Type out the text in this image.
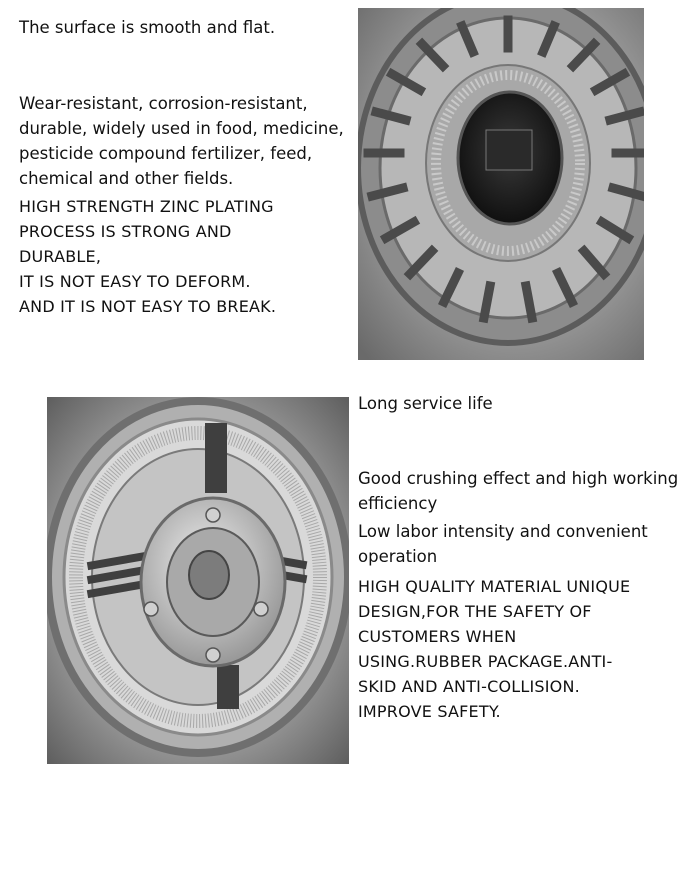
The surface is smooth and flat.

Wear-resistant, corrosion-resistant,
durable, widely used in food, medicine,
pesticide compound fertilizer, feed,
chemical and other fields.

HIGH STRENGTH ZINC PLATING
PROCESS IS STRONG AND
DURABLE,
IT IS NOT EASY TO DEFORM.
AND IT IS NOT EASY TO BREAK.

Long service life

Good crushing effect and high working
efficiency

Low labor intensity and convenient
operation

HIGH QUALITY MATERIAL UNIQUE
DESIGN,FOR THE SAFETY OF
CUSTOMERS WHEN
USING.RUBBER PACKAGE.ANTI-
SKID AND ANTI-COLLISION.
IMPROVE SAFETY.
